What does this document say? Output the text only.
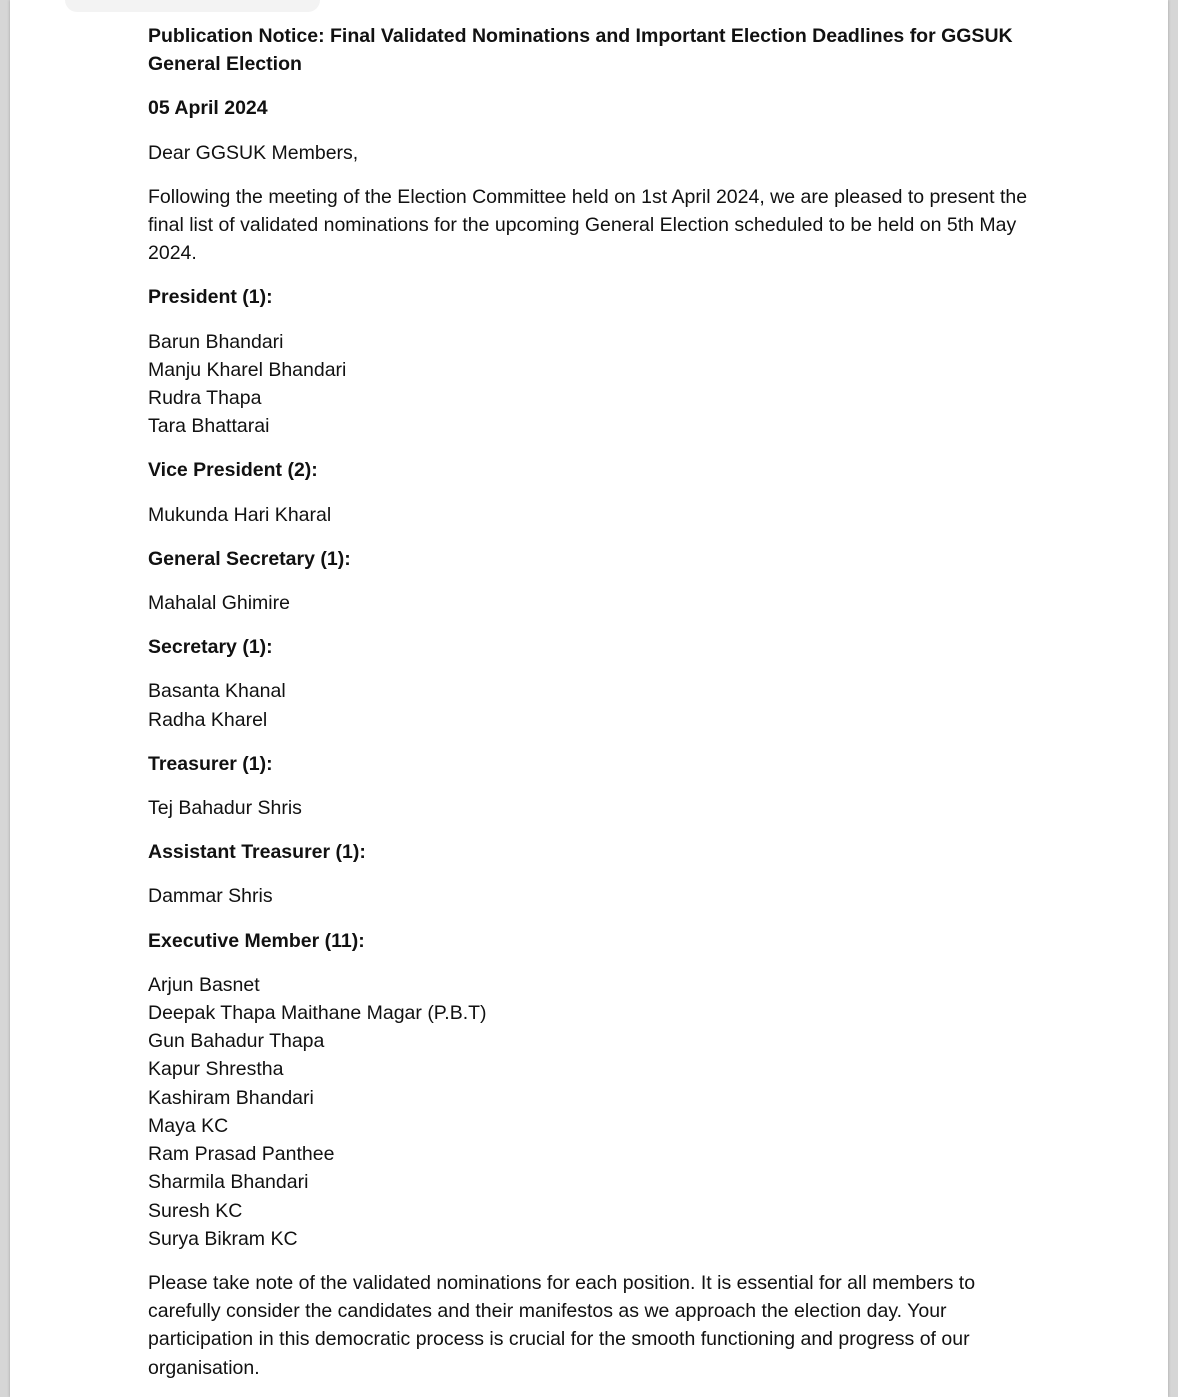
Publication Notice: Final Validated Nominations and Important Election Deadlines for GGSUK General Election
05 April 2024

Dear GGSUK Members,

Following the meeting of the Election Committee held on 1st April 2024, we are pleased to present the final list of validated nominations for the upcoming General Election scheduled to be held on 5th May 2024.

President (1):
Barun Bhandari
Manju Kharel Bhandari
Rudra Thapa
Tara Bhattarai
Vice President (2):
Mukunda Hari Kharal
General Secretary (1):
Mahalal Ghimire
Secretary (1):
Basanta Khanal
Radha Kharel
Treasurer (1):
Tej Bahadur Shris
Assistant Treasurer (1):
Dammar Shris
Executive Member (11):
Arjun Basnet
Deepak Thapa Maithane Magar (P.B.T)
Gun Bahadur Thapa
Kapur Shrestha
Kashiram Bhandari
Maya KC
Ram Prasad Panthee
Sharmila Bhandari
Suresh KC
Surya Bikram KC

Please take note of the validated nominations for each position. It is essential for all members to carefully consider the candidates and their manifestos as we approach the election day. Your participation in this democratic process is crucial for the smooth functioning and progress of our organisation.
